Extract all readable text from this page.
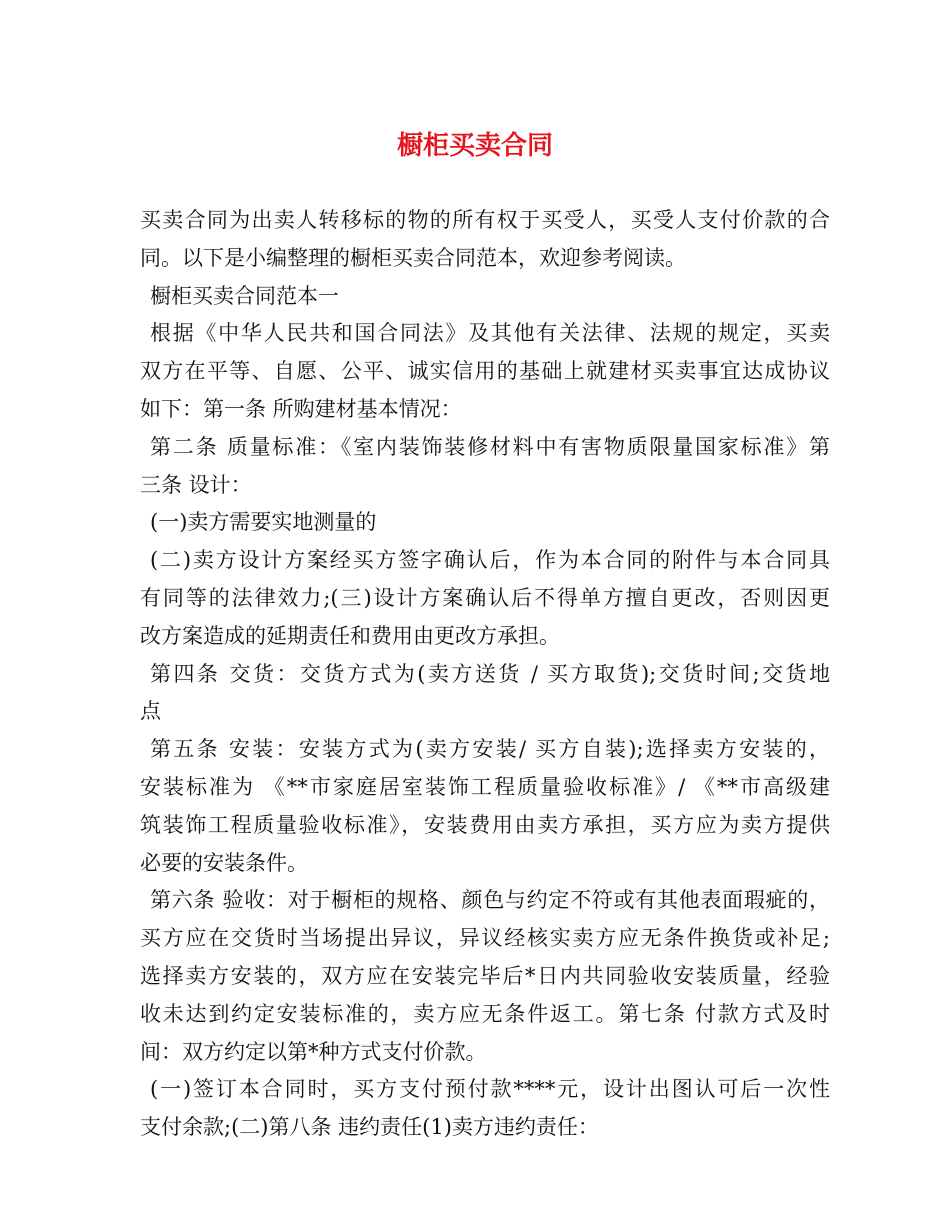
橱柜买卖合同
买卖合同为出卖人转移标的物的所有权于买受人，买受人支付价款的合
同。以下是小编整理的橱柜买卖合同范本，欢迎参考阅读。
橱柜买卖合同范本一
根据《中华人民共和国合同法》及其他有关法律、法规的规定，买卖
双方在平等、自愿、公平、诚实信用的基础上就建材买卖事宜达成协议
如下：第一条 所购建材基本情况：
第二条 质量标准：《室内装饰装修材料中有害物质限量国家标准》第
三条 设计：
(一)卖方需要实地测量的
(二)卖方设计方案经买方签字确认后，作为本合同的附件与本合同具
有同等的法律效力;(三)设计方案确认后不得单方擅自更改，否则因更
改方案造成的延期责任和费用由更改方承担。
第四条 交货：交货方式为(卖方送货 / 买方取货);交货时间;交货地
点
第五条 安装：安装方式为(卖方安装/ 买方自装);选择卖方安装的，
安装标准为 《**市家庭居室装饰工程质量验收标准》/ 《**市高级建
筑装饰工程质量验收标准》，安装费用由卖方承担，买方应为卖方提供
必要的安装条件。
第六条 验收：对于橱柜的规格、颜色与约定不符或有其他表面瑕疵的，
买方应在交货时当场提出异议，异议经核实卖方应无条件换货或补足;
选择卖方安装的，双方应在安装完毕后*日内共同验收安装质量，经验
收未达到约定安装标准的，卖方应无条件返工。第七条 付款方式及时
间：双方约定以第*种方式支付价款。
(一)签订本合同时，买方支付预付款****元，设计出图认可后一次性
支付余款;(二)第八条 违约责任(1)卖方违约责任：
